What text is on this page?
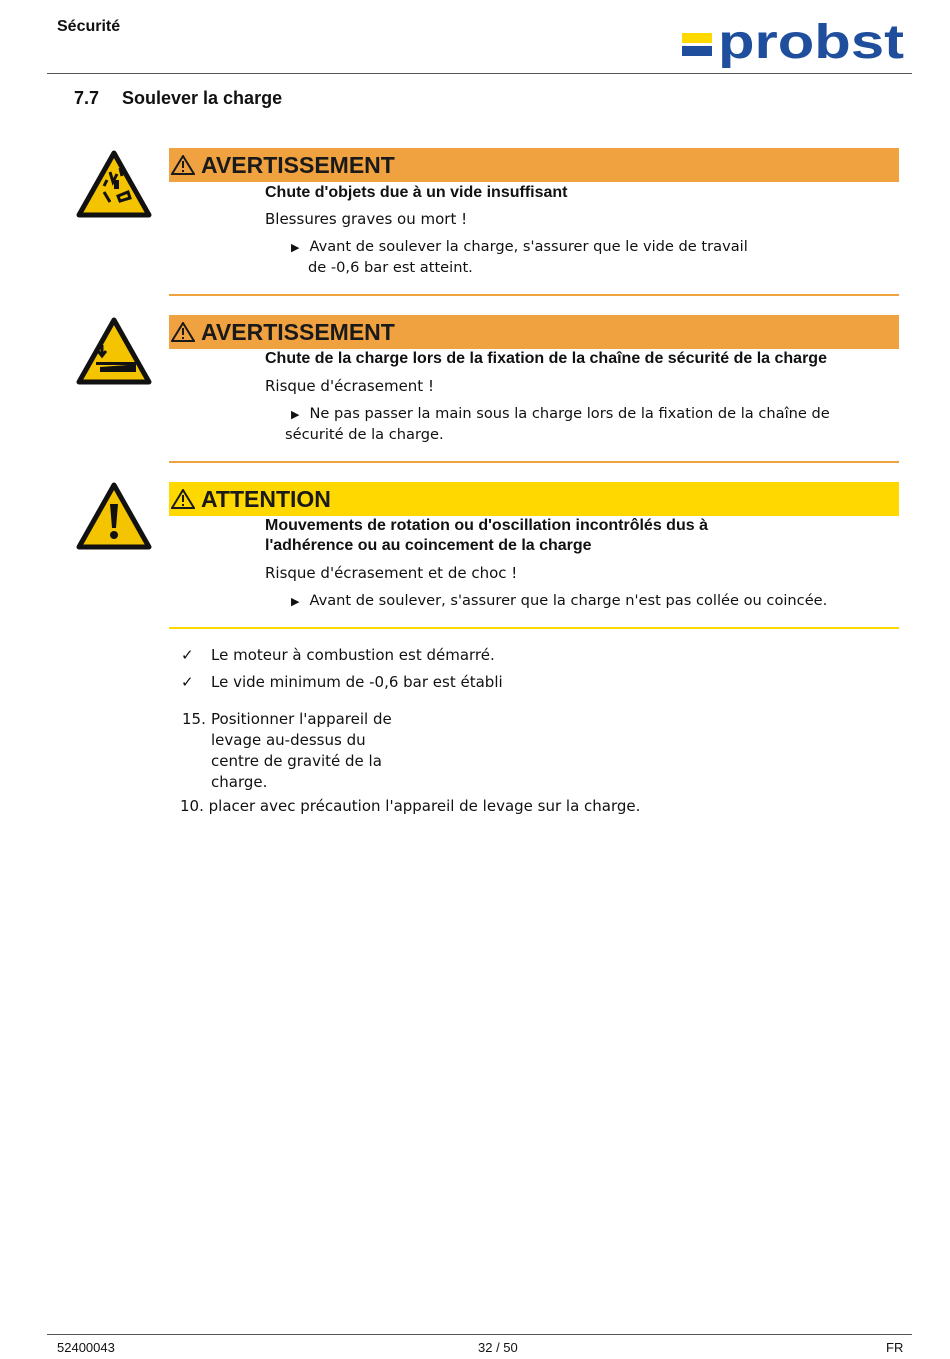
Sécurité	probst
7.7 Soulever la charge
AVERTISSEMENT
Chute d'objets due à un vide insuffisant
Blessures graves ou mort !
▶ Avant de soulever la charge, s'assurer que le vide de travail
de -0,6 bar est atteint.
AVERTISSEMENT
Chute de la charge lors de la fixation de la chaîne de sécurité de la charge
Risque d'écrasement !
▶ Ne pas passer la main sous la charge lors de la fixation de la chaîne de
sécurité de la charge.
ATTENTION
Mouvements de rotation ou d'oscillation incontrôlés dus à
l'adhérence ou au coincement de la charge
Risque d'écrasement et de choc !
▶ Avant de soulever, s'assurer que la charge n'est pas collée ou coincée.
✓ Le moteur à combustion est démarré.
✓ Le vide minimum de -0,6 bar est établi
15. Positionner l'appareil de
levage au-dessus du
centre de gravité de la
charge.
10. placer avec précaution l'appareil de levage sur la charge.
52400043	32 / 50	FR
